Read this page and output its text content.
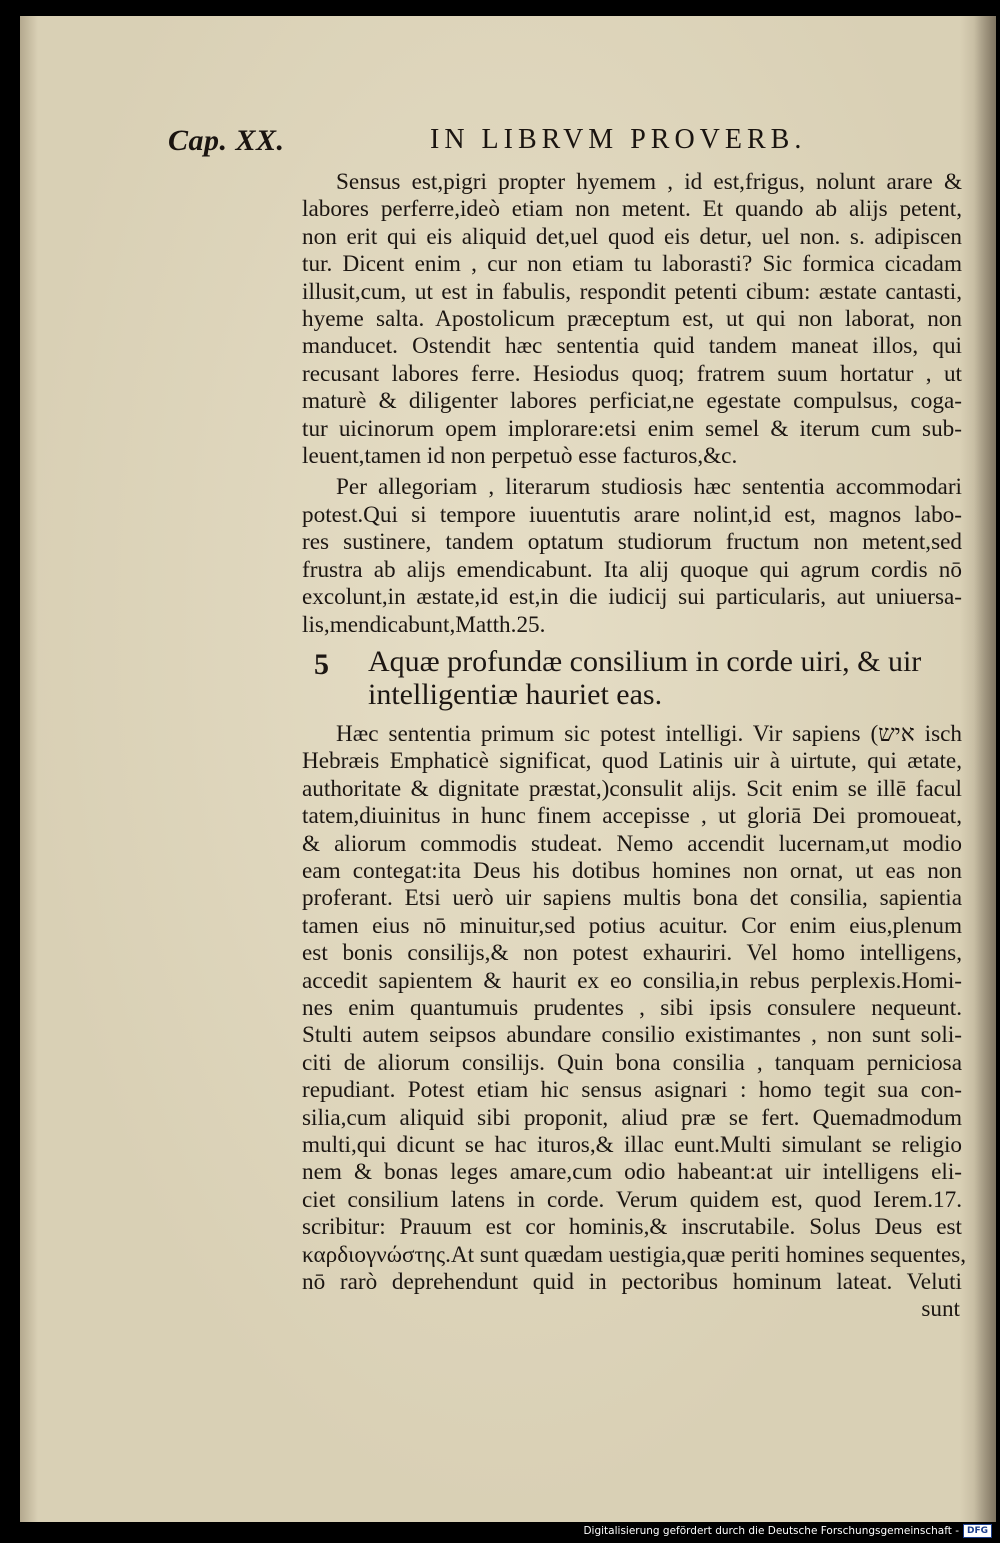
Cap. XX.	IN LIBRVM PROVERB.
Sensus est,pigri propter hyemem , id est,frigus, nolunt arare &
labores perferre,ideò etiam non metent. Et quando ab alijs petent,
non erit qui eis aliquid det,uel quod eis detur, uel non. s. adipiscen
tur. Dicent enim , cur non etiam tu laborasti? Sic formica cicadam
illusit,cum, ut est in fabulis, respondit petenti cibum: æstate cantasti,
hyeme salta. Apostolicum præceptum est, ut qui non laborat, non
manducet. Ostendit hæc sententia quid tandem maneat illos, qui
recusant labores ferre. Hesiodus quoq; fratrem suum hortatur , ut
maturè & diligenter labores perficiat,ne egestate compulsus, coga-
tur uicinorum opem implorare:etsi enim semel & iterum cum sub-
leuent,tamen id non perpetuò esse facturos,&c.
Per allegoriam , literarum studiosis hæc sententia accommodari
potest.Qui si tempore iuuentutis arare nolint,id est, magnos labo-
res sustinere, tandem optatum studiorum fructum non metent,sed
frustra ab alijs emendicabunt. Ita alij quoque qui agrum cordis nō
excolunt,in æstate,id est,in die iudicij sui particularis, aut uniuersa-
lis,mendicabunt,Matth.25.
5 Aquæ profundæ consilium in corde uiri, & uir
intelligentiæ hauriet eas.
Hæc sententia primum sic potest intelligi. Vir sapiens (איש isch
Hebræis Emphaticè significat, quod Latinis uir à uirtute, qui ætate,
authoritate & dignitate præstat,)consulit alijs. Scit enim se illē facul
tatem,diuinitus in hunc finem accepisse , ut gloriā Dei promoueat,
& aliorum commodis studeat. Nemo accendit lucernam,ut modio
eam contegat:ita Deus his dotibus homines non ornat, ut eas non
proferant. Etsi uerò uir sapiens multis bona det consilia, sapientia
tamen eius nō minuitur,sed potius acuitur. Cor enim eius,plenum
est bonis consilijs,& non potest exhauriri. Vel homo intelligens,
accedit sapientem & haurit ex eo consilia,in rebus perplexis.Homi-
nes enim quantumuis prudentes , sibi ipsis consulere nequeunt.
Stulti autem seipsos abundare consilio existimantes , non sunt soli-
citi de aliorum consilijs. Quin bona consilia , tanquam perniciosa
repudiant. Potest etiam hic sensus asignari : homo tegit sua con-
silia,cum aliquid sibi proponit, aliud præ se fert. Quemadmodum
multi,qui dicunt se hac ituros,& illac eunt.Multi simulant se religio
nem & bonas leges amare,cum odio habeant:at uir intelligens eli-
ciet consilium latens in corde. Verum quidem est, quod Ierem.17.
scribitur: Prauum est cor hominis,& inscrutabile. Solus Deus est
καρδιογνώστης.At sunt quædam uestigia,quæ periti homines sequentes,
nō rarò deprehendunt quid in pectoribus hominum lateat. Veluti
sunt
Digitalisierung gefördert durch die Deutsche Forschungsgemeinschaft - DFG
